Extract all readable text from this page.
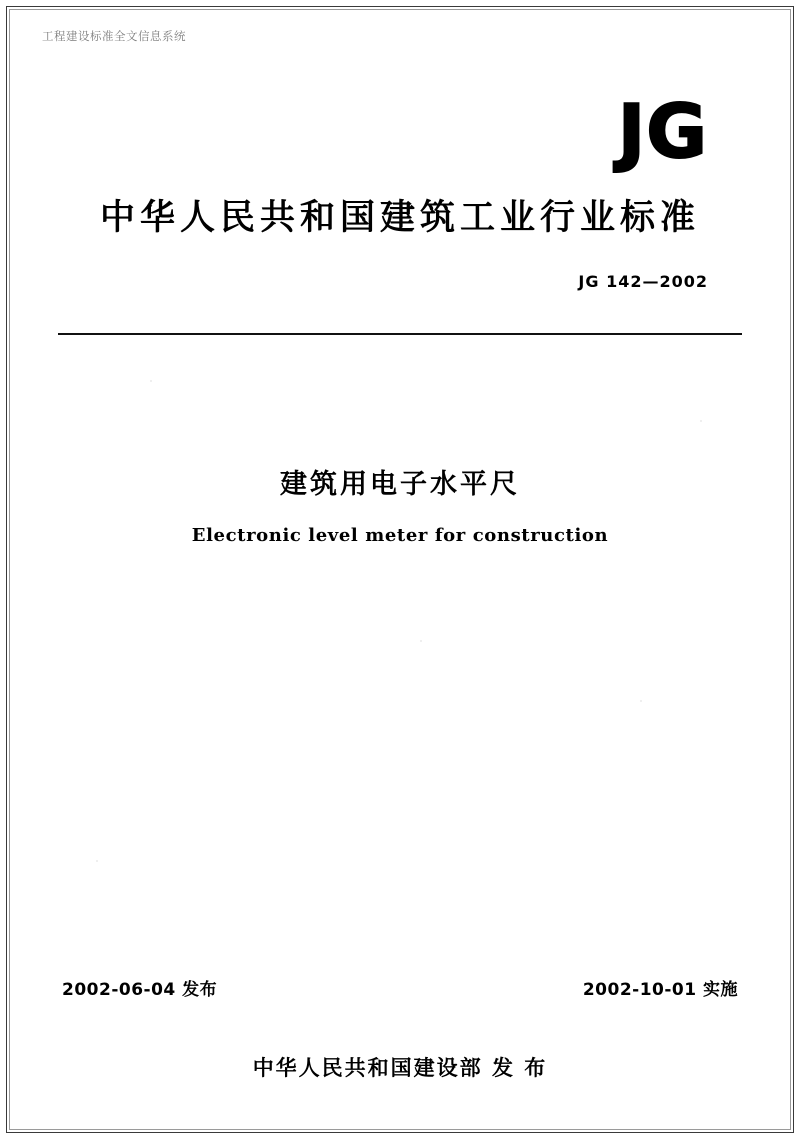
工程建设标准全文信息系统
JG
中华人民共和国建筑工业行业标准
JG 142—2002
建筑用电子水平尺
Electronic level meter for construction
2002-06-04 发布	2002-10-01 实施
中华人民共和国建设部 发 布
